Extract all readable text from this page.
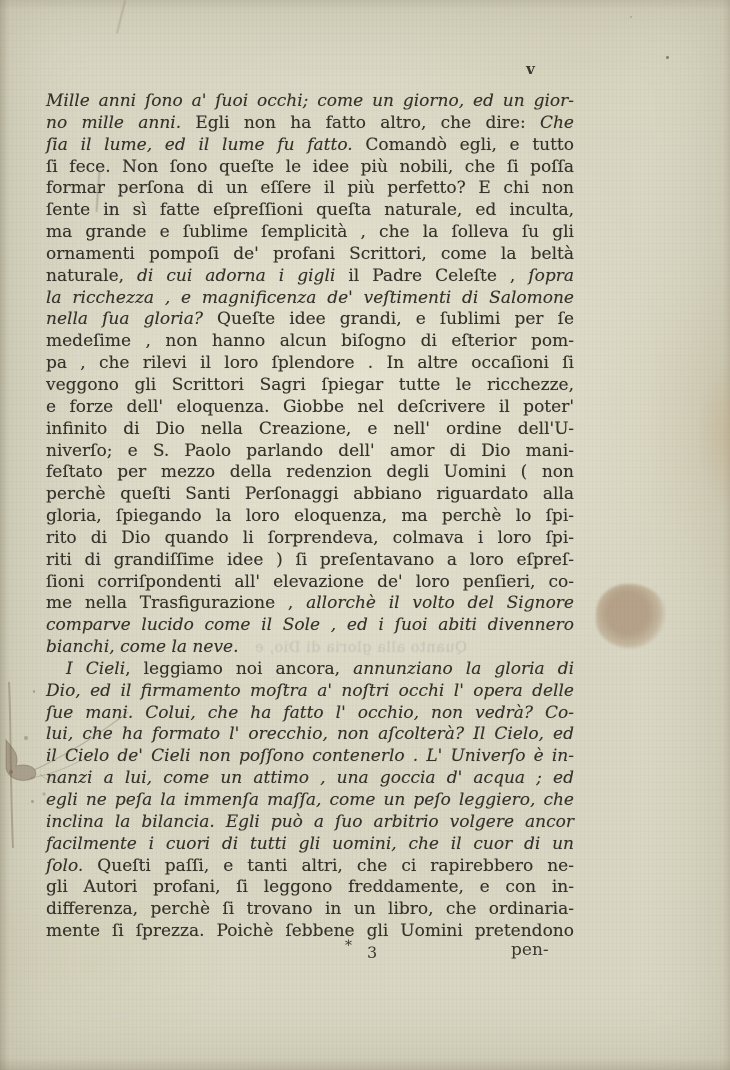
v
Mille anni ſono a' ſuoi occhi; come un giorno, ed un gior-
no mille anni. Egli non ha fatto altro, che dire: Che
ſia il lume, ed il lume fu fatto. Comandò egli, e tutto
ſi fece. Non ſono queſte le idee più nobili, che ſi poſſa
formar perſona di un eſſere il più perfetto? E chi non
ſente in sì fatte eſpreſſioni queſta naturale, ed inculta,
ma grande e ſublime ſemplicità , che la ſolleva ſu gli
ornamenti pompoſi de' profani Scrittori, come la beltà
naturale, di cui adorna i gigli il Padre Celeſte , ſopra
la ricchezza , e magnificenza de' veſtimenti di Salomone
nella ſua gloria? Queſte idee grandi, e ſublimi per ſe
medeſime , non hanno alcun biſogno di eſterior pom-
pa , che rilevi il loro ſplendore . In altre occaſioni ſi
veggono gli Scrittori Sagri ſpiegar tutte le ricchezze,
e forze dell' eloquenza. Giobbe nel deſcrivere il poter'
infinito di Dio nella Creazione, e nell' ordine dell'U-
niverſo; e S. Paolo parlando dell' amor di Dio mani-
feſtato per mezzo della redenzion degli Uomini ( non
perchè queſti Santi Perſonaggi abbiano riguardato alla
gloria, ſpiegando la loro eloquenza, ma perchè lo ſpi-
rito di Dio quando li ſorprendeva, colmava i loro ſpi-
riti di grandiſſime idee ) ſi preſentavano a loro eſpreſ-
ſioni corriſpondenti all' elevazione de' loro penſieri, co-
me nella Trasfigurazione , allorchè il volto del Signore
comparve lucido come il Sole , ed i ſuoi abiti divennero
bianchi, come la neve.
I Cieli, leggiamo noi ancora, annunziano la gloria di
Dio, ed il firmamento moſtra a' noſtri occhi l' opera delle
ſue mani. Colui, che ha fatto l' occhio, non vedrà? Co-
lui, che ha formato l' orecchio, non aſcolterà? Il Cielo, ed
il Cielo de' Cieli non poſſono contenerlo . L' Univerſo è in-
nanzi a lui, come un attimo , una goccia d' acqua ; ed
egli ne peſa la immenſa maſſa, come un peſo leggiero, che
inclina la bilancia. Egli può a ſuo arbitrio volgere ancor
facilmente i cuori di tutti gli uomini, che il cuor di un
ſolo. Queſti paſſi, e tanti altri, che ci rapirebbero ne-
gli Autori profani, ſi leggono freddamente, e con in-
differenza, perchè ſi trovano in un libro, che ordinaria-
mente ſi ſprezza. Poichè ſebbene gli Uomini pretendono
* 3	pen-
Quanto alla gloria di Dio, e
